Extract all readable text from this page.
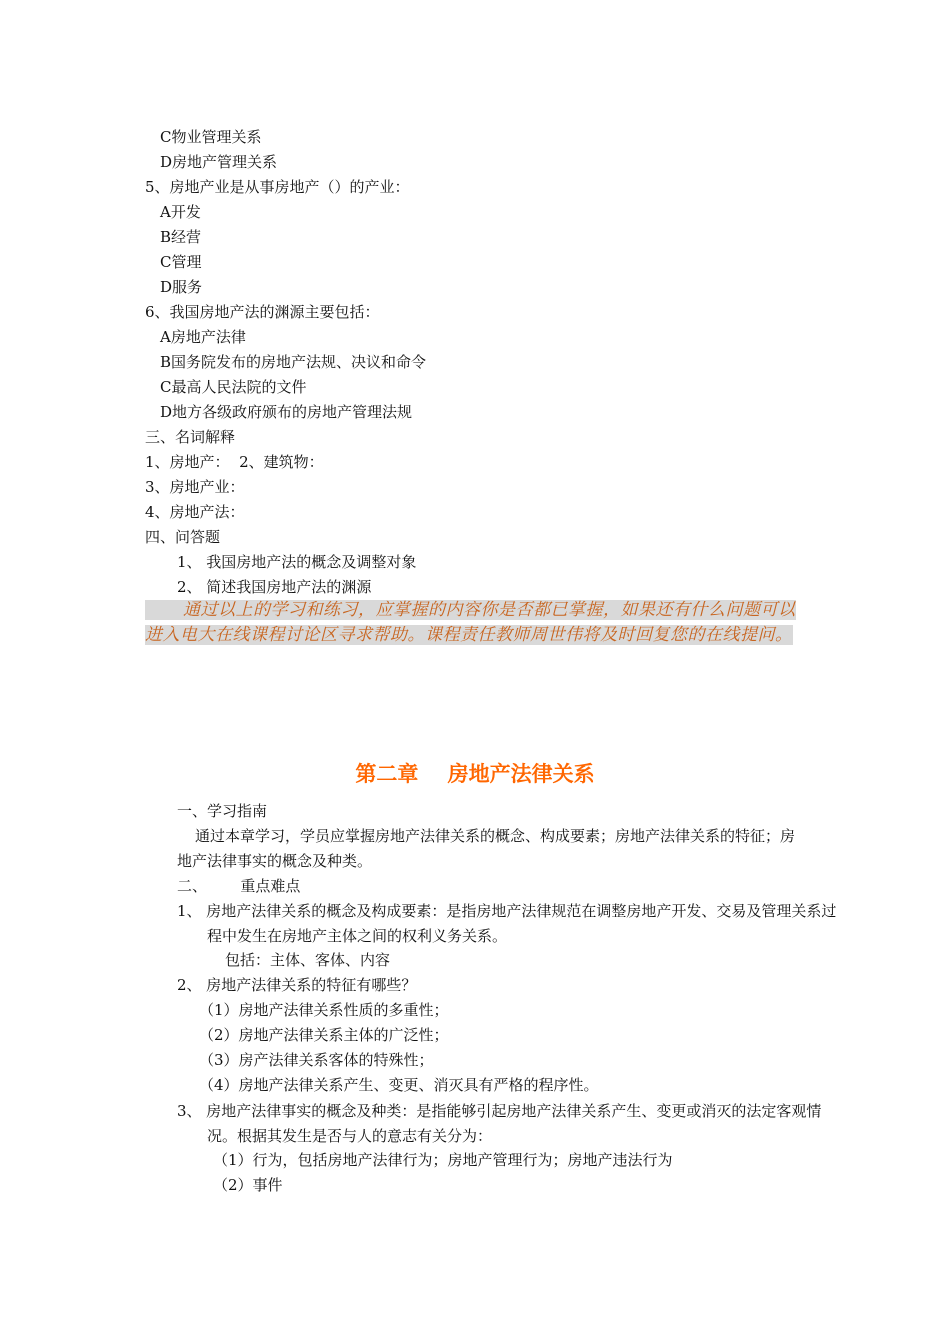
C物业管理关系
D房地产管理关系
5、房地产业是从事房地产（）的产业：
A开发
B经营
C管理
D服务
6、我国房地产法的渊源主要包括：
A房地产法律
B国务院发布的房地产法规、决议和命令
C最高人民法院的文件
D地方各级政府颁布的房地产管理法规
三、名词解释
1、房地产：  2、建筑物：
3、房地产业：
4、房地产法：
四、问答题
1、 我国房地产法的概念及调整对象
2、 简述我国房地产法的渊源
通过以上的学习和练习，应掌握的内容你是否都已掌握，如果还有什么问题可以进入电大在线课程讨论区寻求帮助。课程责任教师周世伟将及时回复您的在线提问。
第二章    房地产法律关系
一、学习指南
通过本章学习，学员应掌握房地产法律关系的概念、构成要素；房地产法律关系的特征；房地产法律事实的概念及种类。
二、       重点难点
1、 房地产法律关系的概念及构成要素：是指房地产法律规范在调整房地产开发、交易及管理关系过程中发生在房地产主体之间的权利义务关系。
包括：主体、客体、内容
2、 房地产法律关系的特征有哪些？
（1）房地产法律关系性质的多重性；
（2）房地产法律关系主体的广泛性；
（3）房产法律关系客体的特殊性；
（4）房地产法律关系产生、变更、消灭具有严格的程序性。
3、 房地产法律事实的概念及种类：是指能够引起房地产法律关系产生、变更或消灭的法定客观情况。根据其发生是否与人的意志有关分为：
（1）行为，包括房地产法律行为；房地产管理行为；房地产违法行为
（2）事件
